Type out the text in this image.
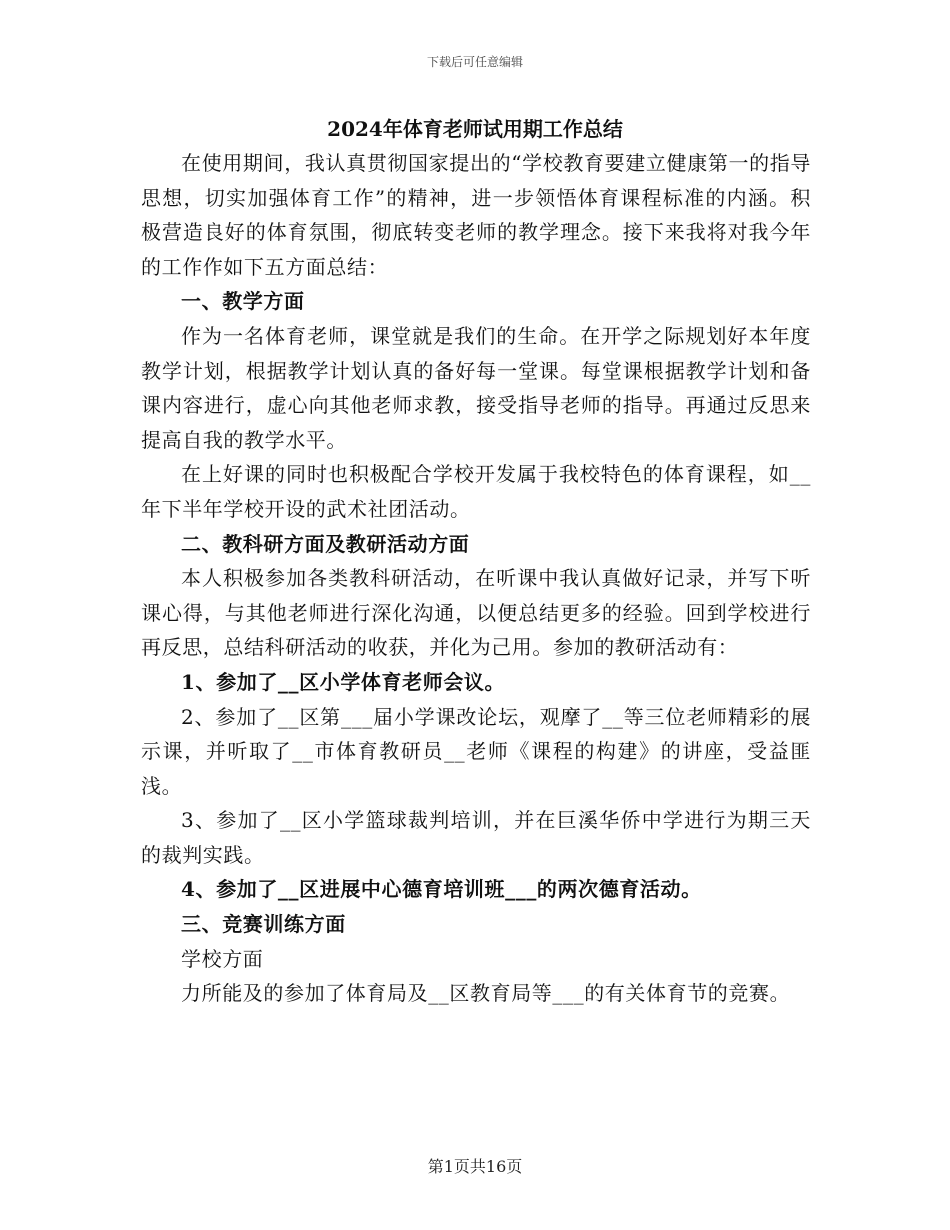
下载后可任意编辑
2024年体育老师试用期工作总结

在使用期间，我认真贯彻国家提出的“学校教育要建立健康第一的指导思想，切实加强体育工作”的精神，进一步领悟体育课程标准的内涵。积极营造良好的体育氛围，彻底转变老师的教学理念。接下来我将对我今年的工作作如下五方面总结：

一、教学方面

作为一名体育老师，课堂就是我们的生命。在开学之际规划好本年度教学计划，根据教学计划认真的备好每一堂课。每堂课根据教学计划和备课内容进行，虚心向其他老师求教，接受指导老师的指导。再通过反思来提高自我的教学水平。

在上好课的同时也积极配合学校开发属于我校特色的体育课程，如__年下半年学校开设的武术社团活动。

二、教科研方面及教研活动方面

本人积极参加各类教科研活动，在听课中我认真做好记录，并写下听课心得，与其他老师进行深化沟通，以便总结更多的经验。回到学校进行再反思，总结科研活动的收获，并化为己用。参加的教研活动有：

1、参加了__区小学体育老师会议。

2、参加了__区第___届小学课改论坛，观摩了__等三位老师精彩的展示课，并听取了__市体育教研员__老师《课程的构建》的讲座，受益匪浅。

3、参加了__区小学篮球裁判培训，并在巨溪华侨中学进行为期三天的裁判实践。

4、参加了__区进展中心德育培训班___的两次德育活动。

三、竞赛训练方面

学校方面

力所能及的参加了体育局及__区教育局等___的有关体育节的竞赛。

第1页共16页
